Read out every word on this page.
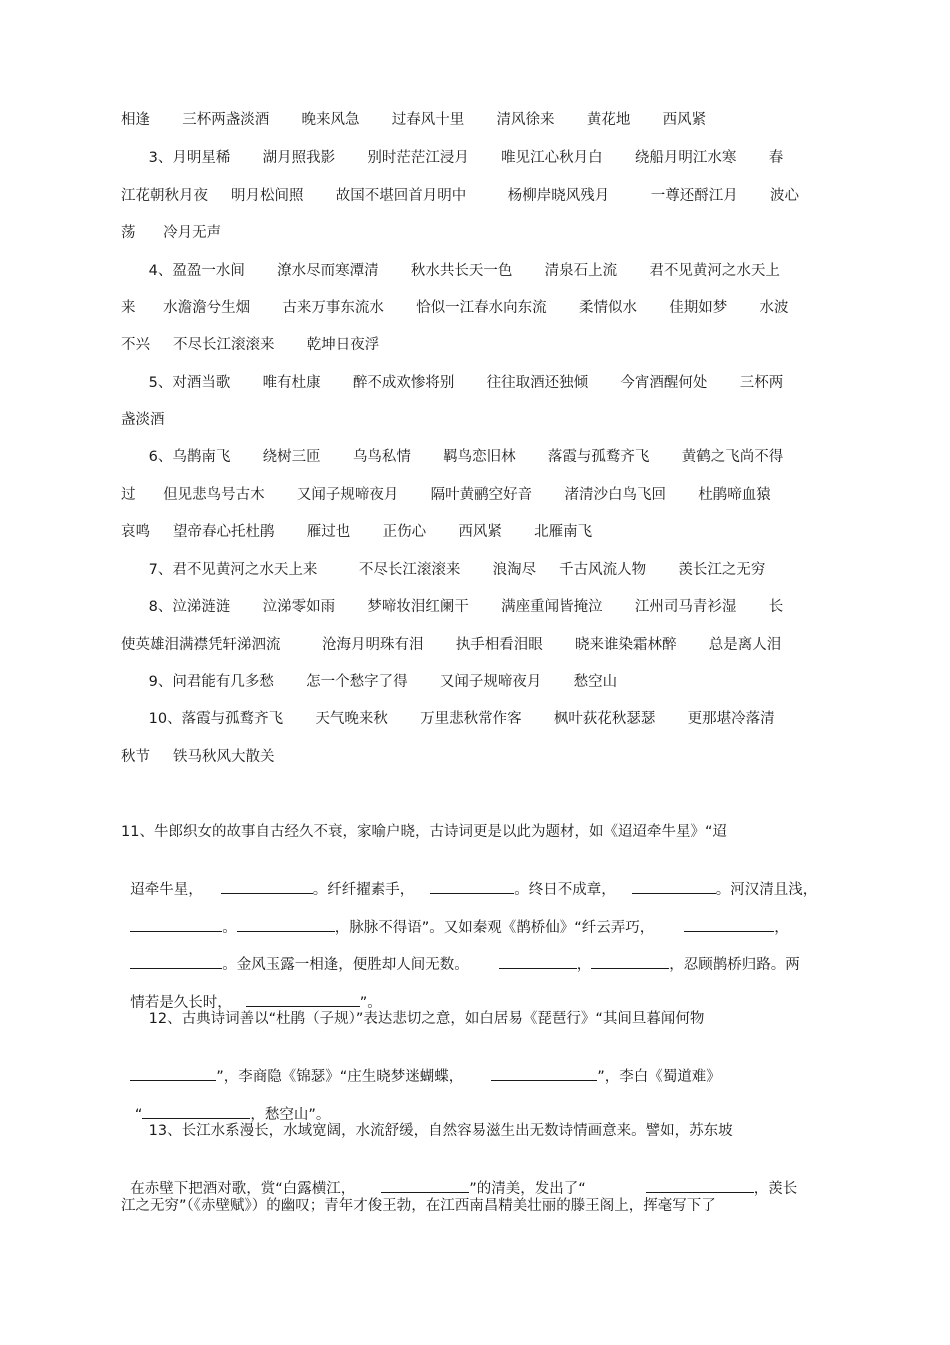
相逢       三杯两盏淡酒       晚来风急       过春风十里       清风徐来       黄花地       西风紧
3、月明星稀       湖月照我影       别时茫茫江浸月       唯见江心秋月白       绕船月明江水寒       春
江花朝秋月夜     明月松间照       故国不堪回首月明中         杨柳岸晓风残月         一尊还酹江月       波心
荡      冷月无声
4、盈盈一水间       潦水尽而寒潭清       秋水共长天一色       清泉石上流       君不见黄河之水天上
来      水澹澹兮生烟       古来万事东流水       恰似一江春水向东流       柔情似水       佳期如梦       水波
不兴     不尽长江滚滚来       乾坤日夜浮
5、对酒当歌       唯有杜康       醉不成欢惨将别       往往取酒还独倾       今宵酒醒何处       三杯两
盏淡酒
6、乌鹊南飞       绕树三匝       乌鸟私情       羁鸟恋旧林       落霞与孤鹜齐飞       黄鹤之飞尚不得
过      但见悲鸟号古木       又闻子规啼夜月       隔叶黄鹂空好音       渚清沙白鸟飞回       杜鹃啼血猿
哀鸣     望帝春心托杜鹃       雁过也       正伤心       西风紧       北雁南飞
7、君不见黄河之水天上来         不尽长江滚滚来       浪淘尽     千古风流人物       羡长江之无穷
8、泣涕涟涟       泣涕零如雨       梦啼妆泪红阑干       满座重闻皆掩泣       江州司马青衫湿       长
使英雄泪满襟凭轩涕泗流         沧海月明珠有泪       执手相看泪眼       晓来谁染霜林醉       总是离人泪
9、问君能有几多愁       怎一个愁字了得       又闻子规啼夜月       愁空山
10、落霞与孤鹜齐飞       天气晚来秋       万里悲秋常作客       枫叶荻花秋瑟瑟       更那堪冷落清
秋节     铁马秋风大散关
11、牛郎织女的故事自古经久不衰，家喻户晓，古诗词更是以此为题材，如《迢迢牵牛星》“迢

迢牵牛星，	。纤纤擢素手，	。终日不成章，	。河汉清且浅，

。	，脉脉不得语”。又如秦观《鹊桥仙》“纤云弄巧，	，

。金风玉露一相逢，便胜却人间无数。	，	，忍顾鹊桥归路。两

情若是久长时，	”。

12、古典诗词善以“杜鹃（子规）”表达悲切之意，如白居易《琵琶行》“其间旦暮闻何物

”，李商隐《锦瑟》“庄生晓梦迷蝴蝶，	”，李白《蜀道难》

“	，愁空山”。

13、长江水系漫长，水域宽阔，水流舒缓，自然容易滋生出无数诗情画意来。譬如，苏东坡

在赤壁下把酒对歌，赏“白露横江，	”的清美，发出了“	，羡长

江之无穷”（《赤壁赋》）的幽叹；青年才俊王勃，在江西南昌精美壮丽的滕王阁上，挥毫写下了
